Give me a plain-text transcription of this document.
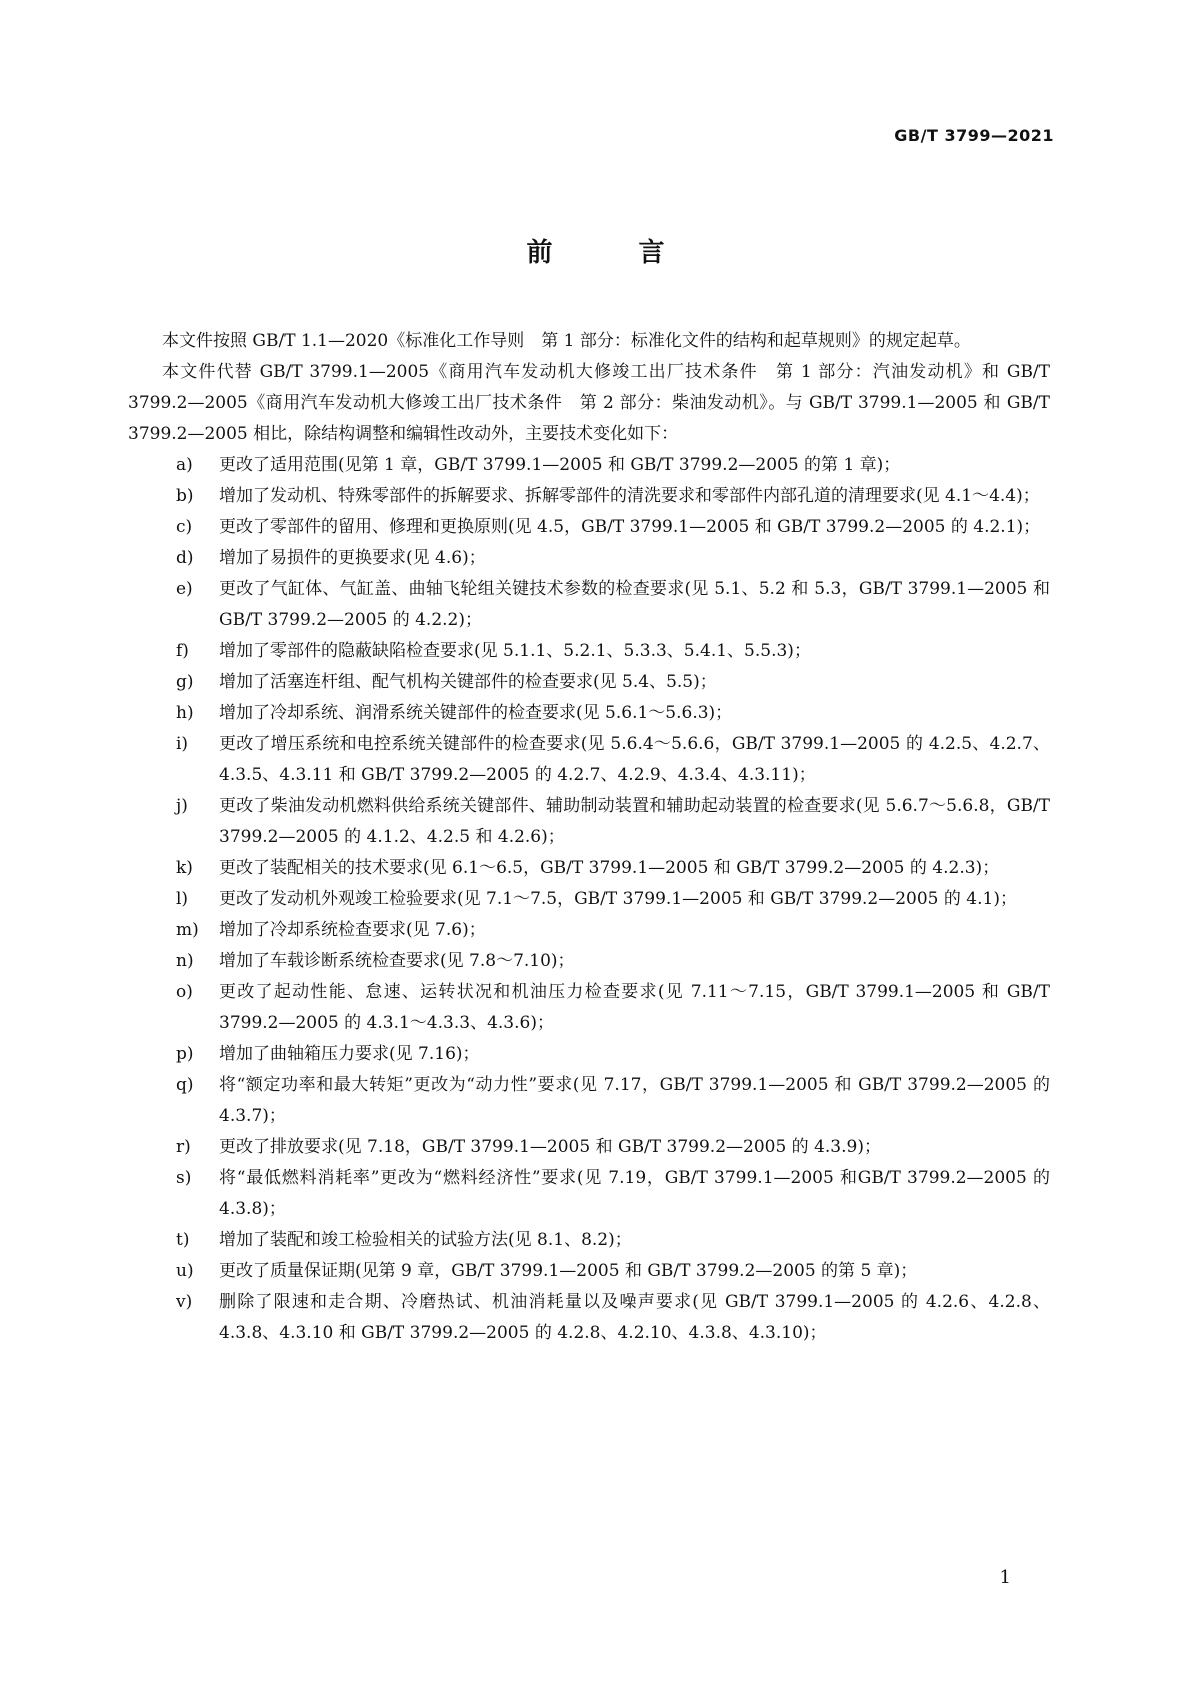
GB/T 3799—2021
前　言

本文件按照 GB/T 1.1—2020《标准化工作导则　第 1 部分：标准化文件的结构和起草规则》的规定起草。

本文件代替 GB/T 3799.1—2005《商用汽车发动机大修竣工出厂技术条件　第 1 部分：汽油发动机》和 GB/T 3799.2—2005《商用汽车发动机大修竣工出厂技术条件　第 2 部分：柴油发动机》。与 GB/T 3799.1—2005 和 GB/T 3799.2—2005 相比，除结构调整和编辑性改动外，主要技术变化如下：

a) 更改了适用范围(见第 1 章，GB/T 3799.1—2005 和 GB/T 3799.2—2005 的第 1 章)；
b) 增加了发动机、特殊零部件的拆解要求、拆解零部件的清洗要求和零部件内部孔道的清理要求(见 4.1～4.4)；
c) 更改了零部件的留用、修理和更换原则(见 4.5，GB/T 3799.1—2005 和 GB/T 3799.2—2005 的 4.2.1)；
d) 增加了易损件的更换要求(见 4.6)；
e) 更改了气缸体、气缸盖、曲轴飞轮组关键技术参数的检查要求(见 5.1、5.2 和 5.3，GB/T 3799.1—2005 和 GB/T 3799.2—2005 的 4.2.2)；
f) 增加了零部件的隐蔽缺陷检查要求(见 5.1.1、5.2.1、5.3.3、5.4.1、5.5.3)；
g) 增加了活塞连杆组、配气机构关键部件的检查要求(见 5.4、5.5)；
h) 增加了冷却系统、润滑系统关键部件的检查要求(见 5.6.1～5.6.3)；
i) 更改了增压系统和电控系统关键部件的检查要求(见 5.6.4～5.6.6，GB/T 3799.1—2005 的 4.2.5、4.2.7、4.3.5、4.3.11 和 GB/T 3799.2—2005 的 4.2.7、4.2.9、4.3.4、4.3.11)；
j) 更改了柴油发动机燃料供给系统关键部件、辅助制动装置和辅助起动装置的检查要求(见 5.6.7～5.6.8，GB/T 3799.2—2005 的 4.1.2、4.2.5 和 4.2.6)；
k) 更改了装配相关的技术要求(见 6.1～6.5，GB/T 3799.1—2005 和 GB/T 3799.2—2005 的 4.2.3)；
l) 更改了发动机外观竣工检验要求(见 7.1～7.5，GB/T 3799.1—2005 和 GB/T 3799.2—2005 的 4.1)；
m) 增加了冷却系统检查要求(见 7.6)；
n) 增加了车载诊断系统检查要求(见 7.8～7.10)；
o) 更改了起动性能、怠速、运转状况和机油压力检查要求(见 7.11～7.15，GB/T 3799.1—2005 和 GB/T 3799.2—2005 的 4.3.1～4.3.3、4.3.6)；
p) 增加了曲轴箱压力要求(见 7.16)；
q) 将“额定功率和最大转矩”更改为“动力性”要求(见 7.17，GB/T 3799.1—2005 和 GB/T 3799.2—2005 的 4.3.7)；
r) 更改了排放要求(见 7.18，GB/T 3799.1—2005 和 GB/T 3799.2—2005 的 4.3.9)；
s) 将“最低燃料消耗率”更改为“燃料经济性”要求(见 7.19，GB/T 3799.1—2005 和GB/T 3799.2—2005 的 4.3.8)；
t) 增加了装配和竣工检验相关的试验方法(见 8.1、8.2)；
u) 更改了质量保证期(见第 9 章，GB/T 3799.1—2005 和 GB/T 3799.2—2005 的第 5 章)；
v) 删除了限速和走合期、冷磨热试、机油消耗量以及噪声要求(见 GB/T 3799.1—2005 的 4.2.6、4.2.8、4.3.8、4.3.10 和 GB/T 3799.2—2005 的 4.2.8、4.2.10、4.3.8、4.3.10)；
1
